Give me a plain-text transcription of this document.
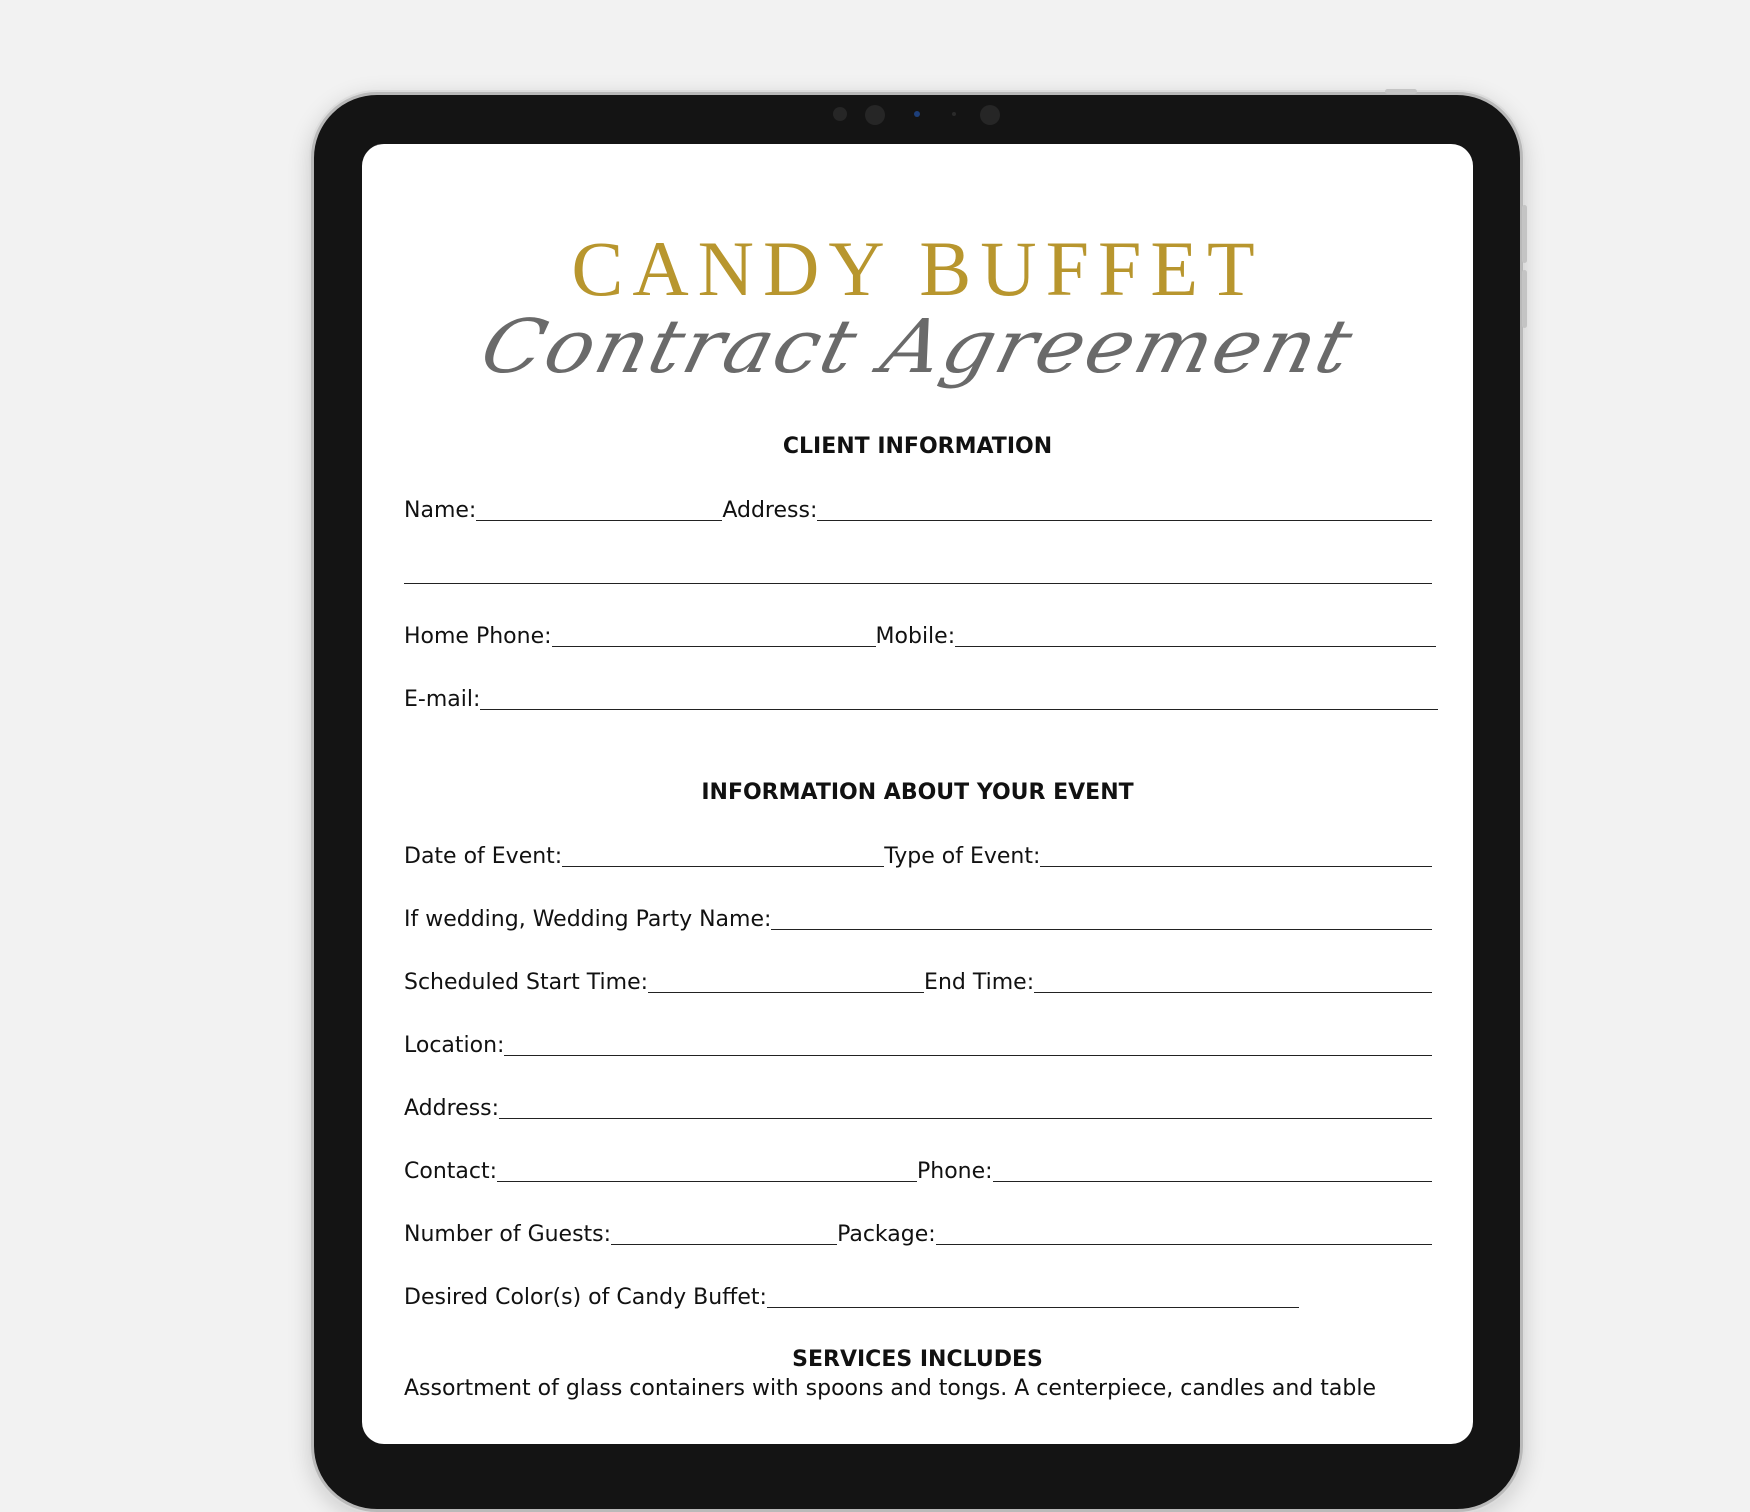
CANDY BUFFET
Contract Agreement
CLIENT INFORMATION
Name:	Address:
Home Phone:	Mobile:
E-mail:
INFORMATION ABOUT YOUR EVENT
Date of Event:	Type of Event:
If wedding, Wedding Party Name:
Scheduled Start Time:	End Time:
Location:
Address:
Contact:	Phone:
Number of Guests:	Package:
Desired Color(s) of Candy Buffet:
SERVICES INCLUDES

Assortment of glass containers with spoons and tongs. A centerpiece, candles and table
